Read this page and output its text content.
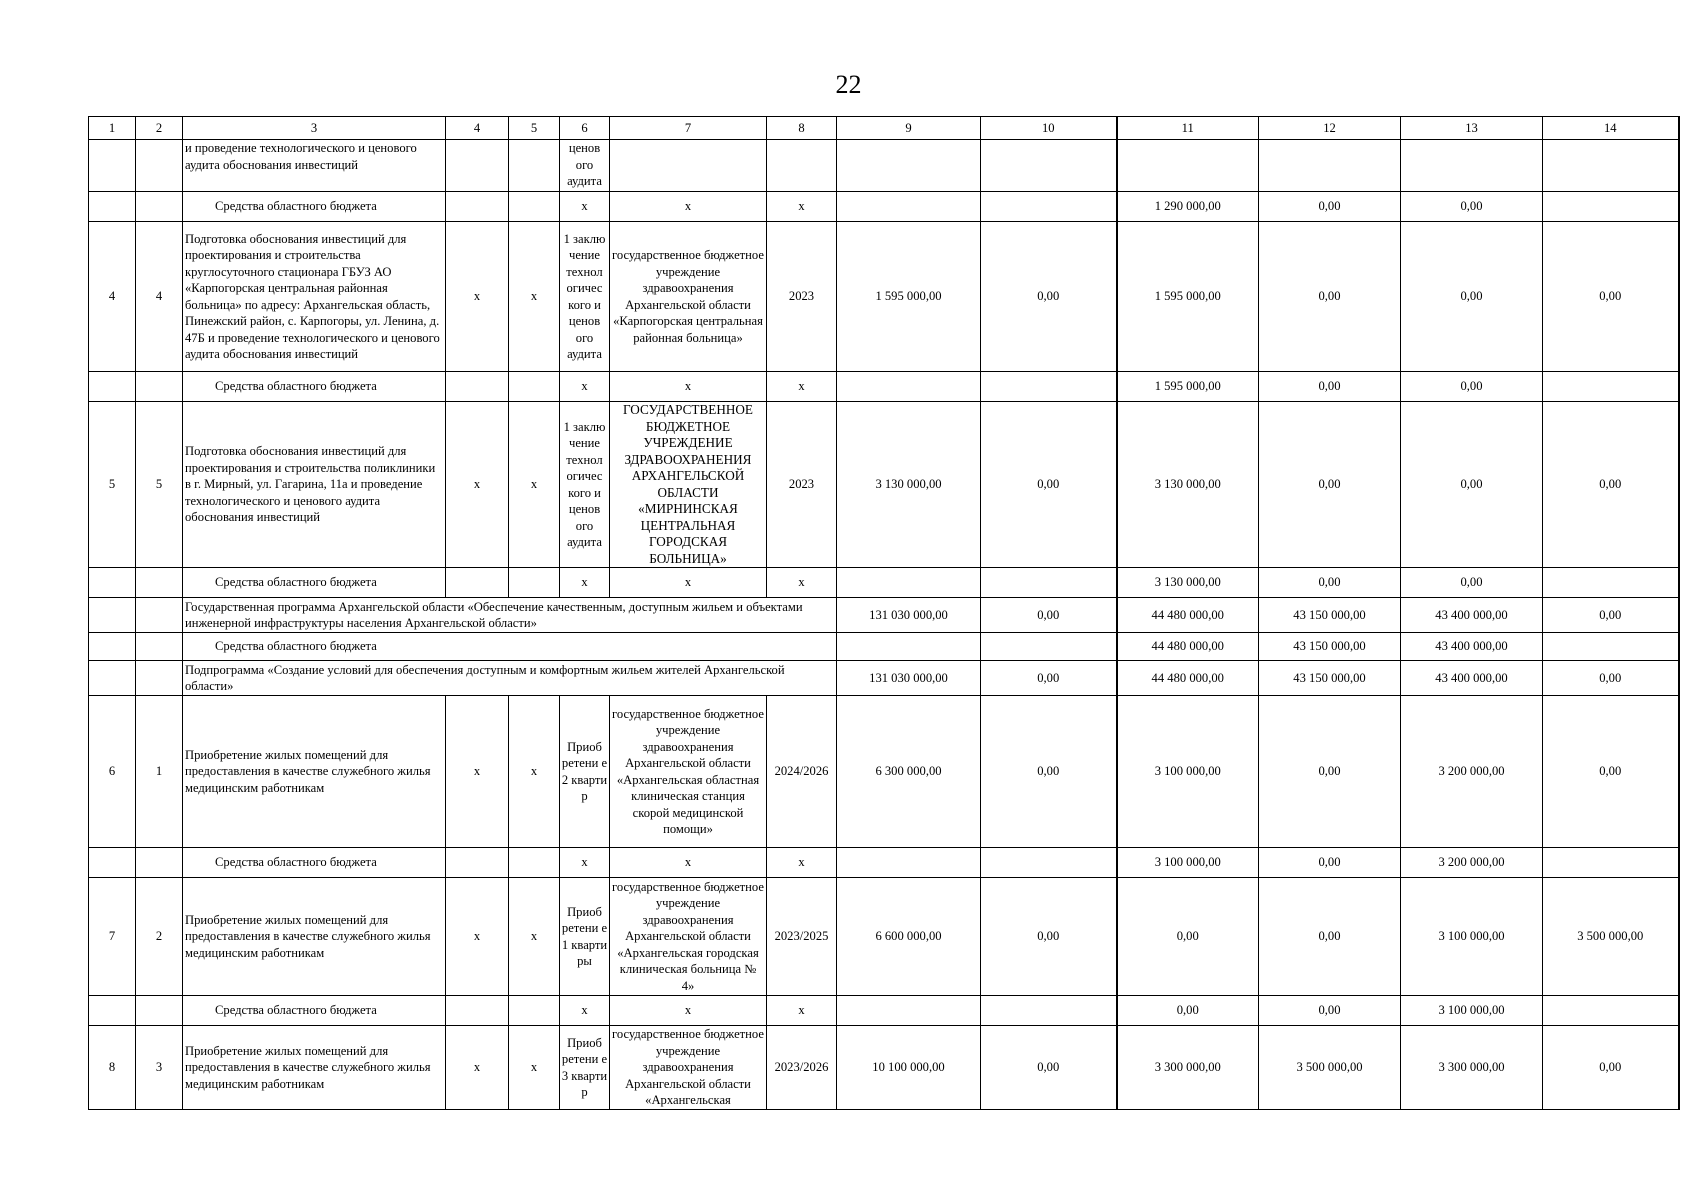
22
1	2	3	4	5	6	7	8	9	10	11	12	13	14
		и проведение технологического и ценового аудита обоснования инвестиций			ценов ого аудита								
		Средства областного бюджета			х	х	х			1 290 000,00	0,00	0,00	
4	4	Подготовка обоснования инвестиций для проектирования и строительства круглосуточного стационара ГБУЗ АО «Карпогорская центральная районная больница» по адресу: Архангельская область, Пинежский район, с. Карпогоры, ул. Ленина, д. 47Б и проведение технологического и ценового аудита обоснования инвестиций	х	х	1 заклю чение технол огичес кого и ценов ого аудита	государственное бюджетное учреждение здравоохранения Архангельской области «Карпогорская центральная районная больница»	2023	1 595 000,00	0,00	1 595 000,00	0,00	0,00	0,00
		Средства областного бюджета			х	х	х			1 595 000,00	0,00	0,00	
5	5	Подготовка обоснования инвестиций для проектирования и строительства поликлиники в г. Мирный, ул. Гагарина, 11а и проведение технологического и ценового аудита обоснования инвестиций	х	х	1 заклю чение технол огичес кого и ценов ого аудита	ГОСУДАРСТВЕННОЕ БЮДЖЕТНОЕ УЧРЕЖДЕНИЕ ЗДРАВООХРАНЕНИЯ АРХАНГЕЛЬСКОЙ ОБЛАСТИ «МИРНИНСКАЯ ЦЕНТРАЛЬНАЯ ГОРОДСКАЯ БОЛЬНИЦА»	2023	3 130 000,00	0,00	3 130 000,00	0,00	0,00	0,00
		Средства областного бюджета			х	х	х			3 130 000,00	0,00	0,00	
		Государственная программа Архангельской области «Обеспечение качественным, доступным жильем и объектами инженерной инфраструктуры населения Архангельской области»						131 030 000,00	0,00	44 480 000,00	43 150 000,00	43 400 000,00	0,00
		Средства областного бюджета								44 480 000,00	43 150 000,00	43 400 000,00	
		Подпрограмма «Создание условий для обеспечения доступным и комфортным жильем жителей Архангельской области»						131 030 000,00	0,00	44 480 000,00	43 150 000,00	43 400 000,00	0,00
6	1	Приобретение жилых помещений для предоставления в качестве служебного жилья медицинским работникам	х	х	Приоб ретени е 2 кварти р	государственное бюджетное учреждение здравоохранения Архангельской области «Архангельская областная клиническая станция скорой медицинской помощи»	2024/2026	6 300 000,00	0,00	3 100 000,00	0,00	3 200 000,00	0,00
		Средства областного бюджета			х	х	х			3 100 000,00	0,00	3 200 000,00	
7	2	Приобретение жилых помещений для предоставления в качестве служебного жилья медицинским работникам	х	х	Приоб ретени е 1 кварти ры	государственное бюджетное учреждение здравоохранения Архангельской области «Архангельская городская клиническая больница № 4»	2023/2025	6 600 000,00	0,00	0,00	0,00	3 100 000,00	3 500 000,00
		Средства областного бюджета			х	х	х			0,00	0,00	3 100 000,00	
8	3	Приобретение жилых помещений для предоставления в качестве служебного жилья медицинским работникам	х	х	Приоб ретени е 3 кварти р	государственное бюджетное учреждение здравоохранения Архангельской области «Архангельская	2023/2026	10 100 000,00	0,00	3 300 000,00	3 500 000,00	3 300 000,00	0,00
